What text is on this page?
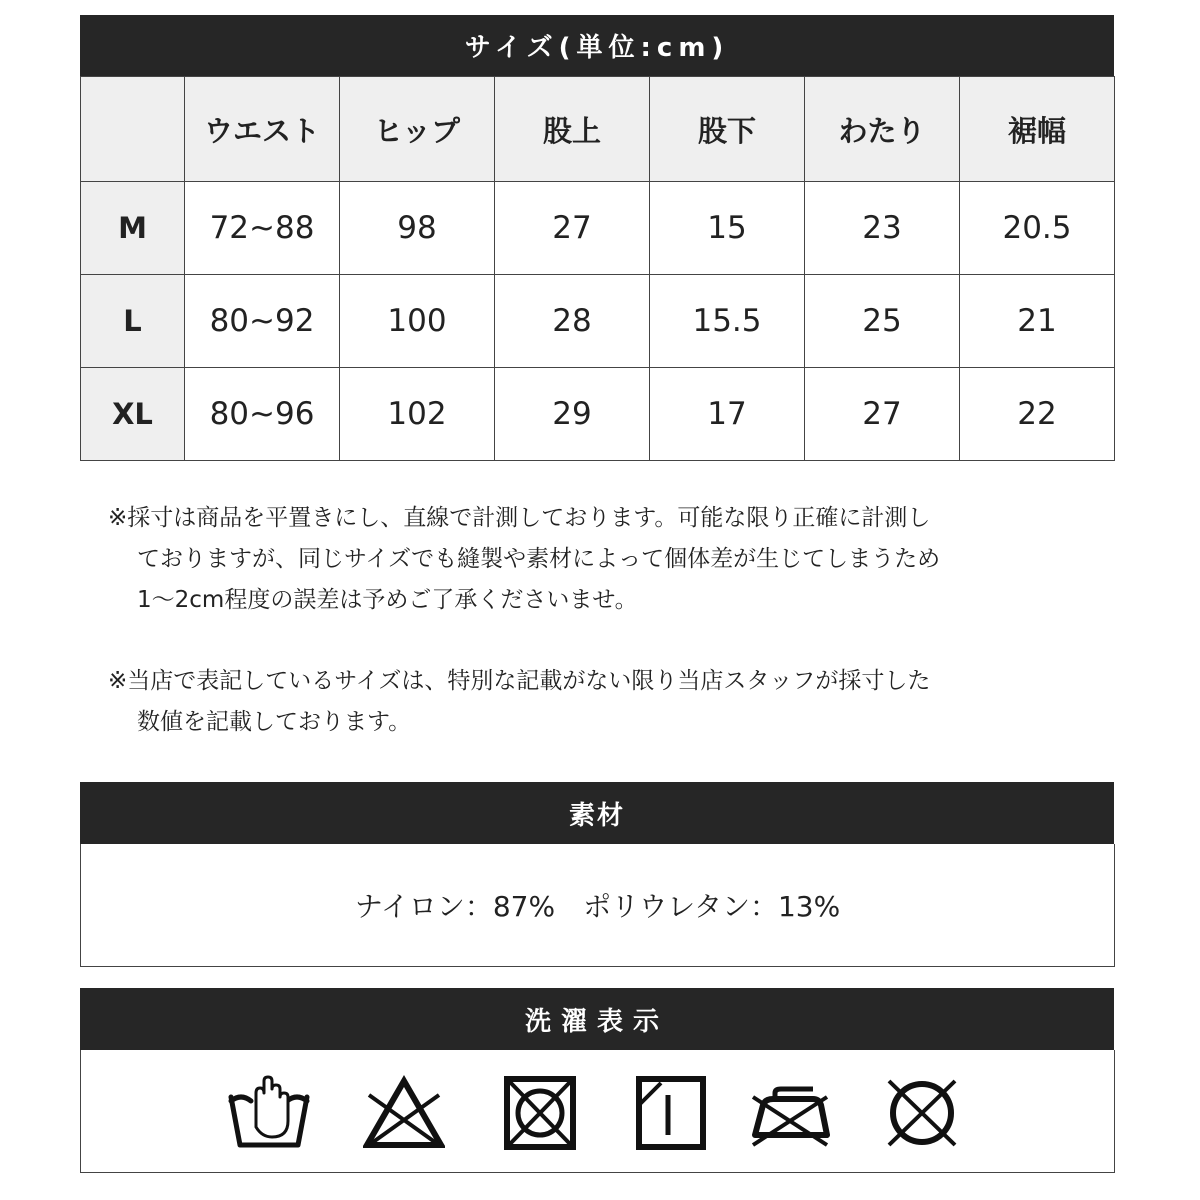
サイズ(単位:cm)
	ウエスト	ヒップ	股上	股下	わたり	裾幅
M	72~88	98	27	15	23	20.5
L	80~92	100	28	15.5	25	21
XL	80~96	102	29	17	27	22
※採寸は商品を平置きにし、直線で計測しております。可能な限り正確に計測し
ておりますが、同じサイズでも縫製や素材によって個体差が生じてしまうため
1～2cm程度の誤差は予めご了承くださいませ。
※当店で表記しているサイズは、特別な記載がない限り当店スタッフが採寸した
数値を記載しております。
素材
ナイロン：87%　ポリウレタン：13%
洗濯表示
